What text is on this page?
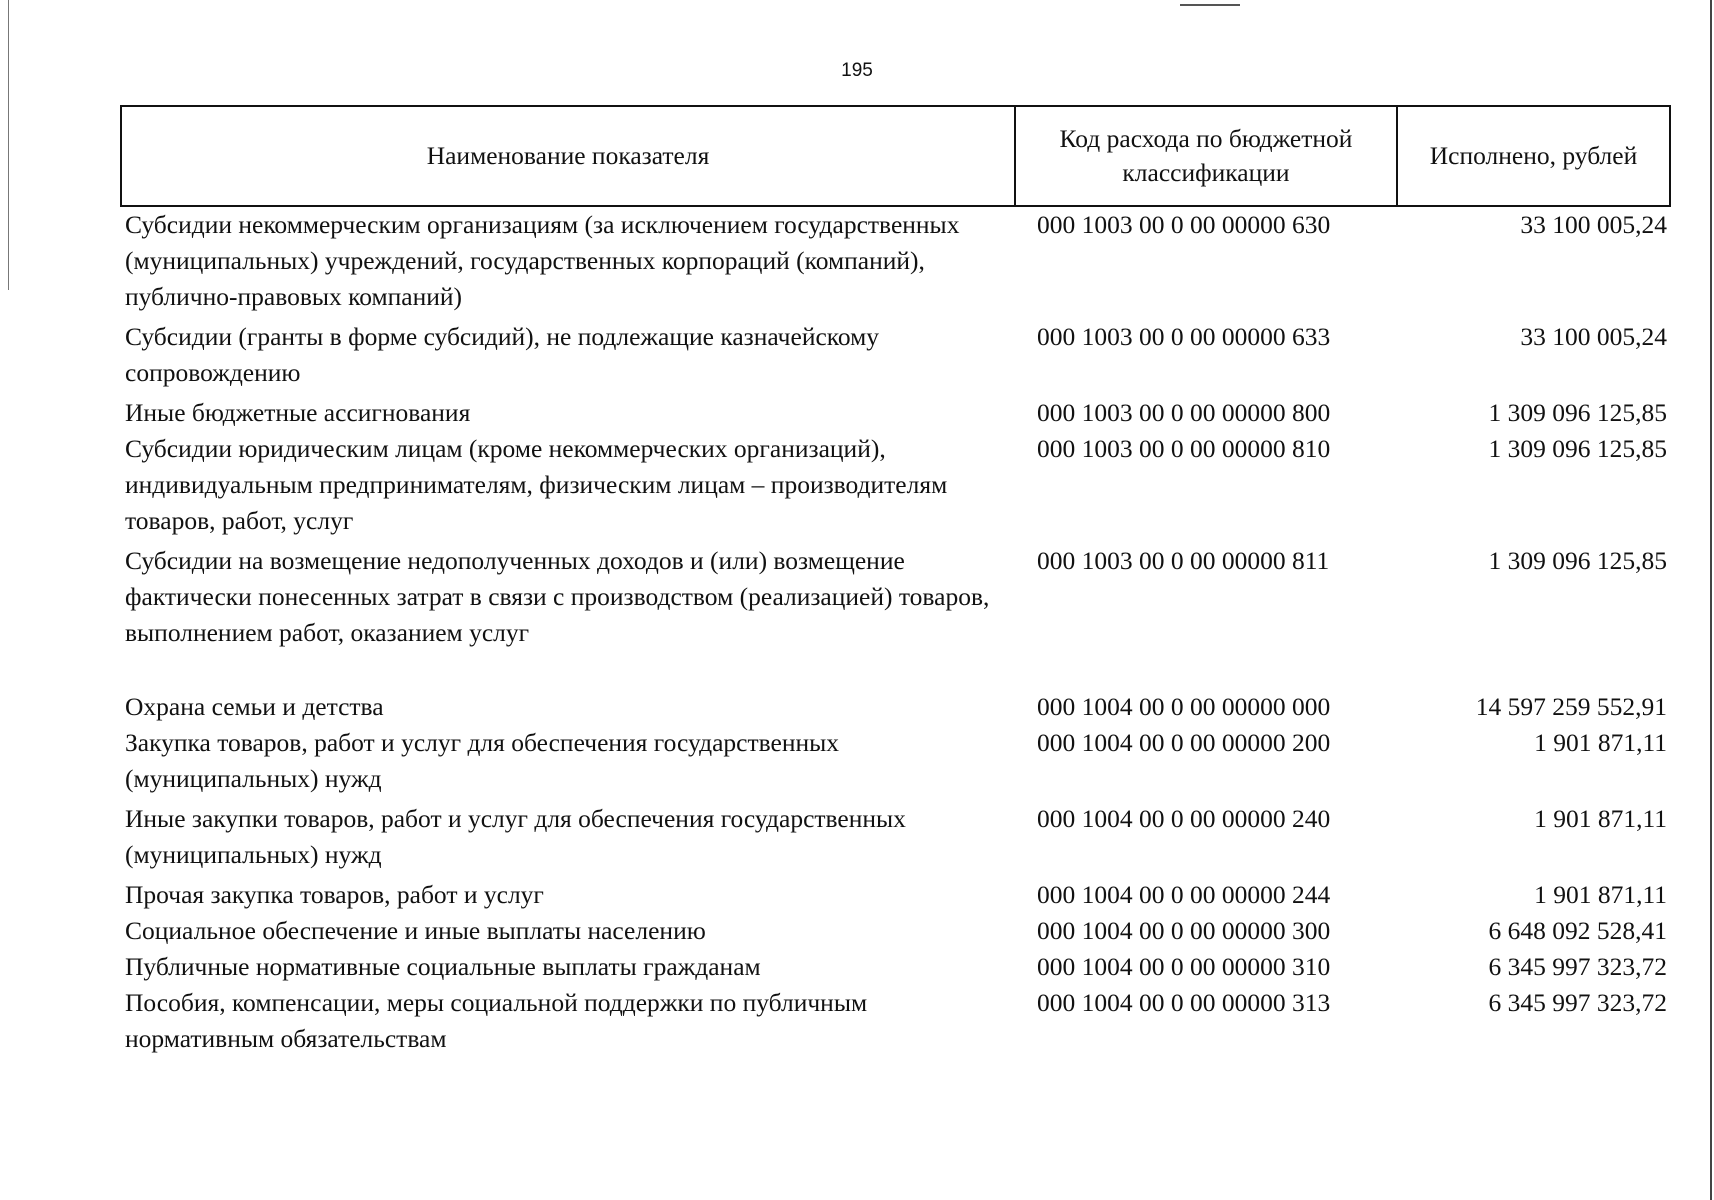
195
Наименование показателя	Код расхода по бюджетной классификации	Исполнено, рублей
Субсидии некоммерческим организациям (за исключением государственных (муниципальных) учреждений, государственных корпораций (компаний), публично-правовых компаний)	000 1003 00 0 00 00000 630	33 100 005,24
Субсидии (гранты в форме субсидий), не подлежащие казначейскому сопровождению	000 1003 00 0 00 00000 633	33 100 005,24
Иные бюджетные ассигнования	000 1003 00 0 00 00000 800	1 309 096 125,85
Субсидии юридическим лицам (кроме некоммерческих организаций), индивидуальным предпринимателям, физическим лицам – производителям товаров, работ, услуг	000 1003 00 0 00 00000 810	1 309 096 125,85
Субсидии на возмещение недополученных доходов и (или) возмещение фактически понесенных затрат в связи с производством (реализацией) товаров, выполнением работ, оказанием услуг	000 1003 00 0 00 00000 811	1 309 096 125,85
Охрана семьи и детства	000 1004 00 0 00 00000 000	14 597 259 552,91
Закупка товаров, работ и услуг для обеспечения государственных (муниципальных) нужд	000 1004 00 0 00 00000 200	1 901 871,11
Иные закупки товаров, работ и услуг для обеспечения государственных (муниципальных) нужд	000 1004 00 0 00 00000 240	1 901 871,11
Прочая закупка товаров, работ и услуг	000 1004 00 0 00 00000 244	1 901 871,11
Социальное обеспечение и иные выплаты населению	000 1004 00 0 00 00000 300	6 648 092 528,41
Публичные нормативные социальные выплаты гражданам	000 1004 00 0 00 00000 310	6 345 997 323,72
Пособия, компенсации, меры социальной поддержки по публичным нормативным обязательствам	000 1004 00 0 00 00000 313	6 345 997 323,72
